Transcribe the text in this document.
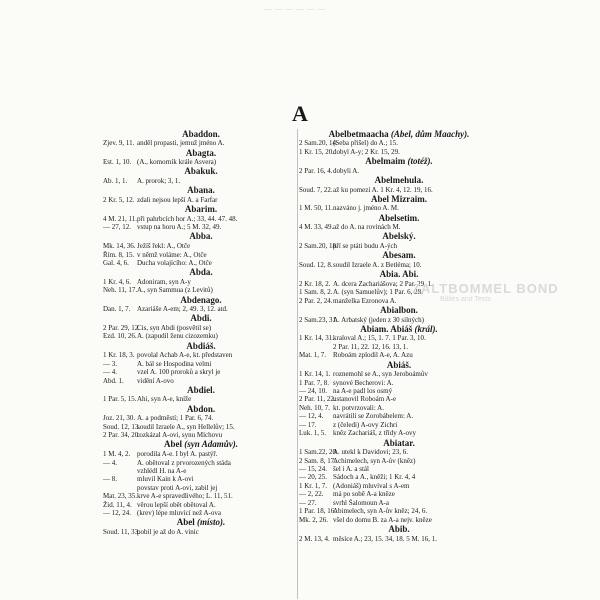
— — — — — —
A
Abaddon.
Zjev. 9, 11. anděl propasti, jemuž jméno A.
Abagta.
Est. 1, 10. (A., komorník krále Asvera)
Abakuk.
Ab. 1, 1.	A. prorok; 3, 1.
Abana.
2 Kr. 5, 12. zdali nejsou lepší A. a Farfar
Abarim.
4 M. 21, 11. při pahrbcích hor A.; 33, 44. 47. 48.
— 27, 12. vstup na horu A.; 5 M. 32, 49.
Abba.
Mk. 14, 36. Ježíš řekl: A., Otče
Řím. 8, 15. v němž voláme: A., Otče
Gal. 4, 6.	Ducha volajícího: A., Otče
Abda.
1 Kr. 4, 6. Adoniram, syn A-y
Neh. 11, 17. A., syn Sammua (z Levitů)
Abdenago.
Dan. 1, 7. Azariáše A-em; 2, 49. 3, 12. atd.
Abdi.
2 Par. 29, 12.
Cis, syn Abdi (posvětil se)
Ezd. 10, 26. A. (zapudil ženu cizozemku)
Abdiáš.
1 Kr. 18, 3. povolal Achab A-e, kt. představen
— 3.	A. bál se Hospodina velmi
— 4.	vzel A. 100 proroků a skryl je
Abd. 1.	vidění A-ovo
Abdiel.
1 Par. 5, 15. Ahi, syn A-e, kníže
Abdon.
Joz. 21, 30. A. a podměstí; 1 Par. 6, 74.
Soud. 12, 13.
soudil Izraele A., syn Hellelův; 15.
2 Par. 34, 20.
rozkázal A-ovi, synu Míchovu
Abel (syn Adamův).
1 M. 4, 2. porodila A-e. I byl A. pastýř.
— 4.	A. obětoval z prvorozených stáda
vzhlédl H. na A-e
— 8.	mluvil Kain k A-ovi
povstav proti A-ovi, zabil jej
Mat. 23, 35. krve A-e spravedlivého; L. 11, 51.
Žid. 11, 4. věrou lepší obět obětoval A.
— 12, 24. (krev) lépe mluvící než A-ova
Abel (místo).
Soud. 11, 33.
pobil je až do A. vinic
Abelbetmaacha (Abel, dům Maachy).
2 Sam.20, 14.
(Seba přišel) do A.; 15.
1 Kr. 15, 20. dobyl A-y; 2 Kr. 15, 29.
Abelmaim (totéž).
2 Par. 16, 4. dobyli A.
Abelmehula.
Soud. 7, 22. až ku pomezí A. 1 Kr. 4, 12. 19, 16.
Abel Mizraim.
1 M. 50, 11. nazváno j. jméno A. M.
Abelsetim.
4 M. 33, 49. až do A. na rovinách M.
Abelský.
2 Sam.20, 18.
pří se ptáti budu A-ých
Abesam.
Soud. 12, 8. soudil Izraele A. z Betléma; 10.
Abia. Abi.
2 Kr. 18, 2. A. dcera Zachariášova; 2 Par. 29, 1.
1 Sam. 8, 2. A. (syn Samuelův); 1 Par. 6, 28.
2 Par. 2, 24. manželka Ezronova A.
Abialbon.
2 Sam.23, 31.
A. Arbatský (jeden z 30 silných)
Abiam. Abiáš (král).
1 Kr. 14, 31. kraloval A.; 15, 1. 7. 1 Par. 3, 10.
2 Par. 11, 22. 12, 16. 13, 1.
Mat. 1, 7. Roboám zplodil A-e, A. Azu
Abiáš.
1 Kr. 14, 1. roznemohl se A., syn Jeroboámův
1 Par. 7, 8. synové Becherovi: A.
— 24, 10. na A-e padl los osmý
2 Par. 11, 22.
ustanovil Roboám A-e
Neh. 10, 7. kt. potvrzovali: A.
— 12, 4.	navrátilí se Zorobábelem: A.
— 17.	z (čeledi) A-ovy Zichri
Luk. 1, 5. kněz Zachariáš, z třídy A-ovy
Abiatar.
1 Sam.22, 20.
A. utekl k Davidovi; 23, 6.
2 Sam. 8, 17.
Achimelech, syn A-ův (kněz)
— 15, 24. šel i A. a stál
— 20, 25. Sádoch a A., kněží; 1 Kr. 4, 4
1 Kr. 1, 7. (Adoniáš) mluvíval s A-em
— 2, 22.	má po sobě A-a kněze
— 27.	svrhl Šalomoun A-a
1 Par. 18, 16.
Abimelech, syn A-ův kněz; 24, 6.
Mk. 2, 26. všel do domu B. za A-a nejv. kněze
Abib.
2 M. 13, 4. měsíce A.; 23, 15. 34, 18. 5 M. 16, 1.
ZALTBOMMEL BOND
Bibles and Tests
